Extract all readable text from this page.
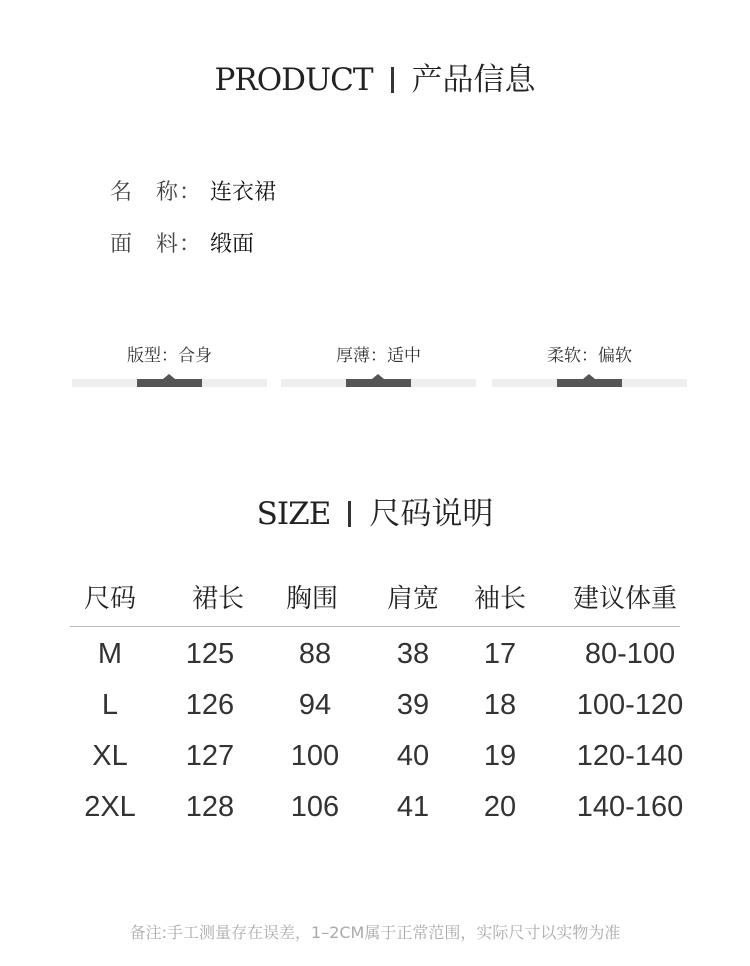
PRODUCT 产品信息
名　称： 连衣裙
面　料： 缎面
版型：合身	厚薄：适中	柔软：偏软
SIZE 尺码说明
尺码	裙长	胸围	肩宽	袖长	建议体重
M	125	88	38	17	80-100
L	126	94	39	18	100-120
XL	127	100	40	19	120-140
2XL	128	106	41	20	140-160
备注:手工测量存在误差，1–2CM属于正常范围，实际尺寸以实物为准
